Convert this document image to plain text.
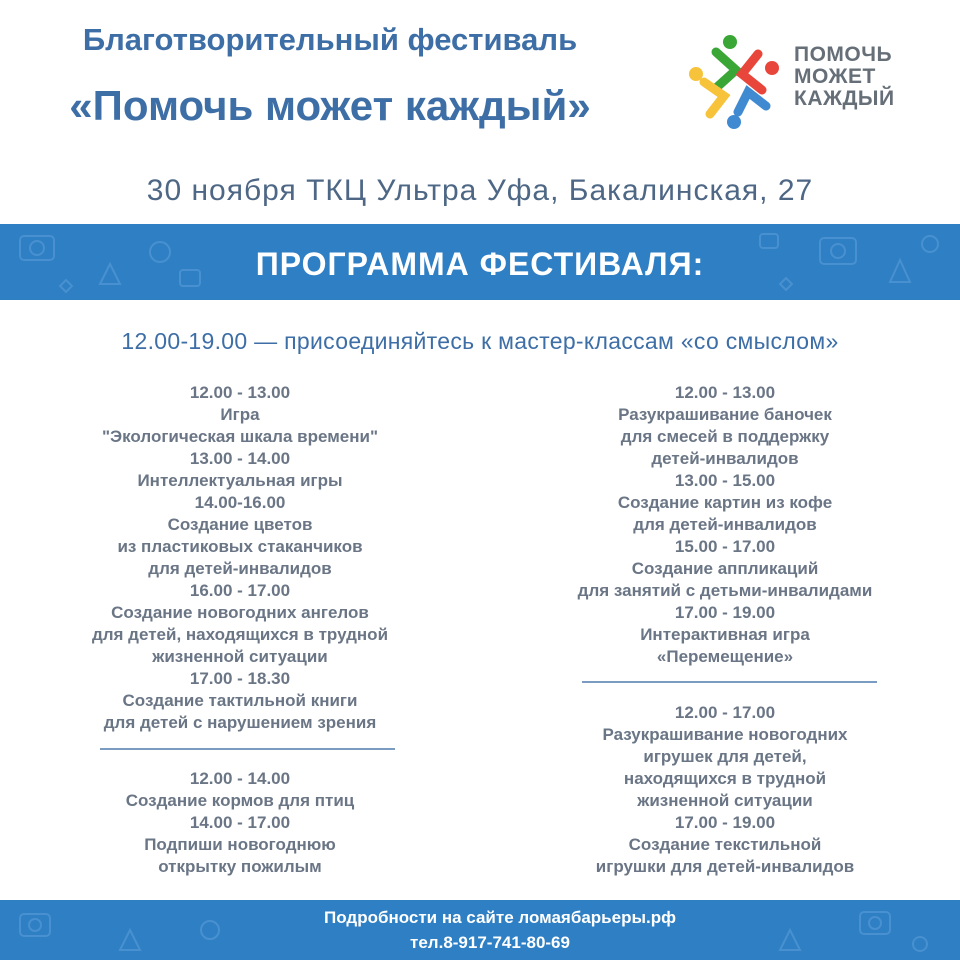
Благотворительный фестиваль
«Помочь может каждый»
ПОМОЧЬ
МОЖЕТ
КАЖДЫЙ
30 ноября ТКЦ Ультра Уфа, Бакалинская, 27
ПРОГРАММА ФЕСТИВАЛЯ:
12.00-19.00 — присоединяйтесь к мастер-классам «со смыслом»
12.00 - 13.00
Игра
"Экологическая шкала времени"
13.00 - 14.00
Интеллектуальная игры
14.00-16.00
Создание цветов
из пластиковых стаканчиков
для детей-инвалидов
16.00 - 17.00
Создание новогодних ангелов
для детей, находящихся в трудной
жизненной ситуации
17.00 - 18.30
Создание тактильной книги
для детей с нарушением зрения
12.00 - 14.00
Создание кормов для птиц
14.00 - 17.00
Подпиши новогоднюю
открытку пожилым
12.00 - 13.00
Разукрашивание баночек
для смесей в поддержку
детей-инвалидов
13.00 - 15.00
Создание картин из кофе
для детей-инвалидов
15.00 - 17.00
Создание аппликаций
для занятий с детьми-инвалидами
17.00 - 19.00
Интерактивная игра
«Перемещение»
12.00 - 17.00
Разукрашивание новогодних
игрушек для детей,
находящихся в трудной
жизненной ситуации
17.00 - 19.00
Создание текстильной
игрушки для детей-инвалидов
Подробности на сайте ломаябарьеры.рф
тел.8-917-741-80-69
